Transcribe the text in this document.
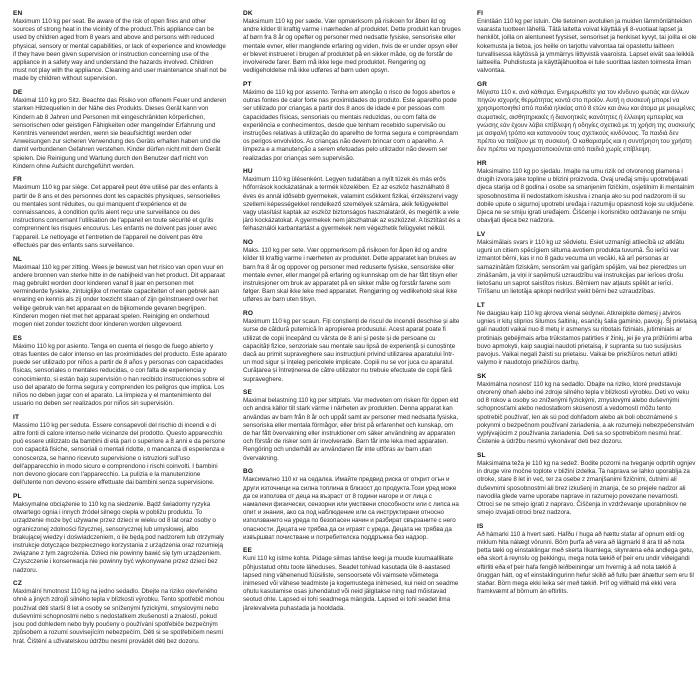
EN
Maximum 110 kg per seat. Be aware of the risk of open fires and other sources of strong heat in the vicinity of the product.This appliance can be used by children aged from 8 years and above and persons with reduced physical, sensory or mental capabilities, or lack of experience and knowledge if they have been given supervision or instruction concerning use of the appliance in a safety way and understand the hazards involved. Children must not play with the appliance. Cleaning and user maintenance shall not be made by children without supervision.
DE
Maximal 110 kg pro Sitz. Beachte das Risiko von offenem Feuer und anderen starken Hitzequellen in der Nähe des Produkts. Dieses Gerät kann von Kindern ab 8 Jahren und Personen mit eingeschränkten körperlichen, sensorischen oder geistigen Fähigkeiten oder mangelnder Erfahrung und Kenntnis verwendet werden, wenn sie beaufsichtigt werden oder Anweisungen zur sicheren Verwendung des Geräts erhalten haben und die damit verbundenen Gefahren verstehen. Kinder dürfen nicht mit dem Gerät spielen. Die Reinigung und Wartung durch den Benutzer darf nicht von Kindern ohne Aufsicht durchgeführt werden.
FR
Maximum 110 kg par siège. Cet appareil peut être utilisé par des enfants à partir de 8 ans et des personnes dont les capacités physiques, sensorielles ou mentales sont réduites, ou qui manquent d'expérience et de connaissances, à condition qu'ils aient reçu une surveillance ou des instructions concernant l'utilisation de l'appareil en toute sécurité et qu'ils comprennent les risques encourus. Les enfants ne doivent pas jouer avec l'appareil. Le nettoyage et l'entretien de l'appareil ne doivent pas être effectués par des enfants sans surveillance.
NL
Maximaal 110 kg per zitting. Wees je bewust van het risico van open vuur en andere bronnen van sterke hitte in de nabijheid van het product. Dit apparaat mag gebruikt worden door kinderen vanaf 8 jaar en personen met verminderde fysieke, zintuiglijke of mentale capaciteiten of een gebrek aan ervaring en kennis als zij onder toezicht staan of zijn geïnstrueerd over het veilige gebruik van het apparaat en de bijkomende gevaren begrijpen. Kinderen mogen niet met het apparaat spelen. Reiniging en onderhoud mogen niet zonder toezicht door kinderen worden uitgevoerd.
ES
Máximo 110 kg por asiento. Tenga en cuenta el riesgo de fuego abierto y otras fuentes de calor intenso en las proximidades del producto. Este aparato puede ser utilizado por niños a partir de 8 años y personas con capacidades físicas, sensoriales o mentales reducidas, o con falta de experiencia y conocimiento, si están bajo supervisión o han recibido instrucciones sobre el uso del aparato de forma segura y comprenden los peligros que implica. Los niños no deben jugar con el aparato. La limpieza y el mantenimiento del usuario no deben ser realizados por niños sin supervisión.
IT
Massimo 110 kg per seduta. Essere consapevoli del rischio di incendi e di altre fonti di calore intenso nelle vicinanze del prodotto. Questo apparecchio può essere utilizzato da bambini di età pari o superiore a 8 anni e da persone con capacità fisiche, sensoriali o mentali ridotte, o mancanza di esperienza e conoscenza, se hanno ricevuto supervisione o istruzioni sull'uso dell'apparecchio in modo sicuro e comprendono i rischi coinvolti. I bambini non devono giocare con l'apparecchio. La pulizia e la manutenzione dell'utente non devono essere effettuate dai bambini senza supervisione.
PL
Maksymalne obciążenie to 110 kg na siedzenie. Bądź świadomy ryzyka otwartego ognia i innych źródeł silnego ciepła w pobliżu produktu. To urządzenie może być używane przez dzieci w wieku od 8 lat oraz osoby o ograniczonej zdolności fizycznej, sensorycznej lub umysłowej, albo brakującej wiedzy i doświadczeniem, o ile będą pod nadzorem lub otrzymały instrukcje dotyczące bezpiecznego korzystania z urządzenia oraz rozumieją związane z tym zagrożenia. Dzieci nie powinny bawić się tym urządzeniem. Czyszczenie i konserwacja nie powinny być wykonywane przez dzieci bez nadzoru.
CZ
Maximální hmotnost 110 kg na jedno sedadlo. Dbejte na riziko otevřeného ohně a jiných zdrojů silného tepla v blízkosti výrobku. Tento spotřebič mohou používat děti starší 8 let a osoby se sníženými fyzickými, smyslovými nebo duševními schopnostmi nebo s nedostatkem zkušeností a znalostí, pokud jsou pod dohledem nebo byly poučeny o používání spotřebiče bezpečným způsobem a rozumí souvisejícím nebezpečím. Děti si se spotřebičem nesmí hrát. Čištění a uživatelskou údržbu nesmí provádět děti bez dozoru.
DK
Maksimum 110 kg per sæde. Vær opmærksom på risikoen for åben ild og andre kilder til kraftig varme i nærheden af produktet. Dette produkt kan bruges af børn fra 8 år og opefter og personer med nedsatte fysiske, sensoriske eller mentale evner, eller manglende erfaring og viden, hvis de er under opsyn eller er blevet instrueret i brugen af produktet på en sikker måde, og de forstår de involverede farer. Børn må ikke lege med produktet. Rengøring og vedligeholdelse må ikke udføres af børn uden opsyn.
PT
Máximo de 110 kg por assento. Tenha em atenção o risco de fogos abertos e outras fontes de calor forte nas proximidades do produto. Este aparelho pode ser utilizado por crianças a partir dos 8 anos de idade e por pessoas com capacidades físicas, sensoriais ou mentais reduzidas, ou com falta de experiência e conhecimentos, desde que tenham recebido supervisão ou instruções relativas à utilização do aparelho de forma segura e compreendam os perigos envolvidos. As crianças não devem brincar com o aparelho. A limpeza e a manutenção a serem efetuadas pelo utilizador não devem ser realizadas por crianças sem supervisão.
HU
Maximum 110 kg ülésenként. Legyen tudatában a nyílt tüzek és más erős hőforrások kockázatának a termék közelében. Ez az eszköz használható 8 éves és annál idősebb gyermekek, valamint csökkent fizikai, érzékszervi vagy szellemi képességekkel rendelkező személyek számára, akik felügyelettel vagy utasítást kaptak az eszköz biztonságos használatáról, és megértik a vele járó kockázatokat. A gyermekek nem játszhatnak az eszközzel. A tisztítást és a felhasználói karbantartást a gyermekek nem végezhetik felügyelet nélkül.
NO
Maks. 110 kg per sete. Vær oppmerksom på risikoen for åpen ild og andre kilder til kraftig varme i nærheten av produktet. Dette apparatet kan brukes av barn fra 8 år og oppover og personer med reduserte fysiske, sensoriske eller mentale evner, eller mangel på erfaring og kunnskap om de har fått tilsyn eller instruksjoner om bruk av apparatet på en sikker måte og forstår farene som følger. Barn skal ikke leke med apparatet. Rengjøring og vedlikehold skal ikke utføres av barn uten tilsyn.
RO
Maximum 110 kg per scaun. Fiți conștienți de riscul de incendii deschise și alte surse de căldură puternică în apropierea produsului. Acest aparat poate fi utilizat de copii începând cu vârsta de 8 ani și peste și de persoane cu capacități fizice, senzoriale sau mentale sau lipsă de experiență și cunoștințe dacă au primit supraveghere sau instrucțiuni privind utilizarea aparatului într-un mod sigur și înțeleg pericolele implicate. Copiii nu se vor juca cu aparatul. Curățarea și întreținerea de către utilizator nu trebuie efectuate de copii fără supraveghere.
SE
Maximal belastning 110 kg per sittplats. Var medveten om risken för öppen eld och andra källor till stark värme i närheten av produkten. Denna apparat kan användas av barn från 8 år och uppåt samt av personer med nedsatta fysiska, sensoriska eller mentala förmågor, eller brist på erfarenhet och kunskap, om de har fått övervakning eller instruktioner om säker användning av apparaten och förstår de risker som är involverade. Barn får inte leka med apparaten. Rengöring och underhåll av användaren får inte utföras av barn utan övervakning.
BG
Максимално 110 кг на седалка. Имайте предвид риска от открит огън и други източници на силна топлина в близост до продукта.Този уред може да се използва от деца на възраст от 8 години нагоре и от лица с намалени физически, сензорни или умствени способности или с липса на опит и знания, ако са под наблюдение или са инструктирани относно използването на уреда по безопасен начин и разбират свързаните с него опасности. Децата не трябва да си играят с уреда. Децата не трябва да извършват почистване и потребителска поддръжка без надзор.
EE
Kuni 110 kg istme kohta. Pidage silmas lahtise leegi ja muude kuumaallikate põhjustatud ohtu toote läheduses. Seadet tohivad kasutada üle 8-aastased lapsed ning vähenenud füüsiliste, sensoorsete või vaimsete võimetega inimesed või vähese teadmiste ja kogemustega inimesed, kui neid on seadme ohutu kasutamise osas juhendatud või neid jälgitakse ning nad mõistavad seotud ohte. Lapsed ei tohi seadmega mängida. Lapsed ei tohi seadet ilma järelevalveta puhastada ja hooldada.
FI
Enintään 110 kg per istuin. Ole tietoinen avotulien ja muiden lämmönlähteiden vaarasta tuotteen lähellä. Tätä laitetta voivat käyttää yli 8-vuotiaat lapset ja henkilöt, joilla on alentuneet fyysiset, sensoriset ja henkiset kyvyt, tai joilla ei ole kokemusta ja tietoa, jos heille on tarjottu valvontaa tai opastettu laitteen turvallisessa käytössä ja ymmärrys liittyvistä vaaroista. Lapset eivät saa leikkiä laitteella. Puhdistusta ja käyttäjähuoltoa ei tule suorittaa lasten toimesta ilman valvontaa.
GR
Μέγιστο 110 κ. ανά κάθισμα. Ενημερωθείτε για τον κίνδυνο φωτιάς και άλλων πηγών ισχυρής θερμότητας κοντά στο προϊόν. Αυτή η συσκευή μπορεί να χρησιμοποιηθεί από παιδιά ηλικίας από 8 ετών και άνω και άτομα με μειωμένες σωματικές, αισθητηριακές ή διανοητικές ικανότητες ή έλλειψη εμπειρίας και γνώσης εάν έχουν λάβει επίβλεψη ή οδηγίες σχετικά με τη χρήση της συσκευής με ασφαλή τρόπο και κατανοούν τους σχετικούς κινδύνους. Τα παιδιά δεν πρέπει να παίζουν με τη συσκευή. Ο καθαρισμός και η συντήρηση του χρήστη δεν πρέπει να πραγματοποιούνται από παιδιά χωρίς επίβλεψη.
HR
Maksimalno 110 kg po sjedalu. Imajte na umu rizik od otvorenog plamena i drugih izvora jake topline u blizini proizvoda. Ovaj uređaj smiju upotrebljavati djeca starija od 8 godina i osobe sa smanjenim fizičkim, osjetilnim ili mentalnim sposobnostima ili nedostatkom iskustva i znanja ako su pod nadzorom ili su dobile upute o sigurnoj upotrebi uređaja i razumiju opasnosti koje su uključene. Djeca ne se smiju igrati uređajem. Čišćenje i korisničko održavanje ne smiju obavljati djeca bez nadzora.
LV
Maksimālais svars ir 110 kg uz sēdvietu. Esiet uzmanīgi attiecībā uz atklātu uguni un citiem spēcīgiem siltuma avotiem produkta tuvumā. Šo ierīci var izmantot bērni, kas ir no 8 gadu vecuma un vecāki, kā arī personas ar samazinātām fiziskām, sensorām vai garīgām spējām, vai bez pieredzes un zināšanām, ja viņi ir saņēmuši uzraudzību vai instrukcijas par ierīces drošu lietošanu un saprot saistītos riskus. Bērniem nav atļauts spēlēt ar ierīci. Tīrīšanu un lietotāja apkopi nedrīkst veikt bērni bez uzraudzības.
LT
Ne daugiau kaip 110 kg ąkrova vienai sėdynei. Atkreipkite dėmesį į atviros ugnies ir kitų stiprios šilumos šaltinių, esančių šalia gaminio, pavojų. Šį prietaisą gali naudoti vaikai nuo 8 metų ir asmenys su ribotais fiziniais, jutiminiais ar protiniais gebėjimais arba trūkstamos patirties ir žinių, jei jie yra prižiūrimi arba buvo apmokyti, kaip saugiai naudoti prietaisą, ir supranta su tuo susijusius pavojus. Vaikai negali žaisti su prietaisu. Vaikai be priežiūros neturi atlikti valymo ir naudotojo priežiūros darbų.
SK
Maximálna nosnosť 110 kg na sedadlo. Dbajte na riziko, ktoré predstavuje otvorený oheň alebo iné zdroje silného tepla v blízkosti výrobku. Deti vo veku od 8 rokov a osoby so zníženými fyzickými, zmyslovými alebo duševnými schopnosťami alebo nedostatkom skúseností a vedomostí môžu tento spotrebič používať, len ak sú pod dohľadom alebo ak boli oboznámené s pokynmi o bezpečnom používaní zariadenia, a ak rozumejú nebezpečenstvám vyplývajúcim z používania zariadenia. Deti sa so spotrebičom nesmú hrať. Čistenie a údržbu nesmú vykonávať deti bez dozoru.
SL
Maksimalna teža je 110 kg na sedež. Bodite pozorni na tveganje odprtih ognjev in druge vire močne toplote v bližini izdelka. Ta naprava se lahko uporablja za otroke, stare 8 let in več, ter za osebe z zmanjšanimi fizičnimi, čutnimi ali duševnimi sposobnostmi ali brez izkušenj in znanja, če so prejele nadzor ali navodila glede varne uporabe naprave in razumejo povezane nevarnosti. Otroci se ne smejo igrati z napravo. Čiščenja in vzdrževanje uporabnikov ne smejo izvajati otroci brez nadzora.
IS
Að hámarki 110 á hvert sæti. Hafðu í huga að hættu stafar af opnum eldi og miklum hita nálægt vörunni. Börn þurfa að vera að lágmarki 8 ára til að nota þetta tæki og einstaklingar með skerta líkamlega, skynræna eða andlega getu, eða skort á reynslu og þekkingu, mega nota tækið ef þeir eru undir viðeigandi eftirliti eða ef þeir hafa fengið leiðbeiningar um hvernig á að nota tækið á öruggan hátt, og ef einstaklingurinn hefur skilið að fullu þær áhættur sem eru til staðar. Börn mega ekki leika sér með tækið. Þrif og viðhald má ekki vera framkvæmt af börnum án eftirlits.
